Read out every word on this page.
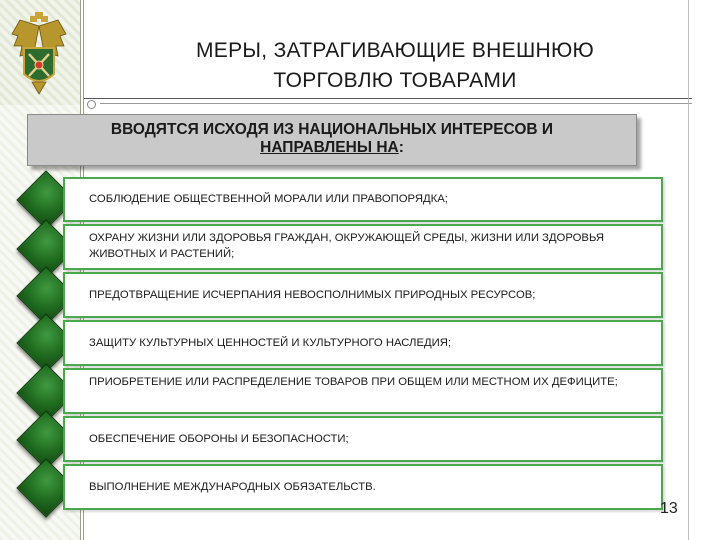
МЕРЫ, ЗАТРАГИВАЮЩИЕ ВНЕШНЮЮ
ТОРГОВЛЮ ТОВАРАМИ
ВВОДЯТСЯ ИСХОДЯ ИЗ НАЦИОНАЛЬНЫХ ИНТЕРЕСОВ И
НАПРАВЛЕНЫ НА:
СОБЛЮДЕНИЕ ОБЩЕСТВЕННОЙ МОРАЛИ ИЛИ ПРАВОПОРЯДКА;
ОХРАНУ ЖИЗНИ ИЛИ ЗДОРОВЬЯ ГРАЖДАН, ОКРУЖАЮЩЕЙ СРЕДЫ, ЖИЗНИ ИЛИ ЗДОРОВЬЯ ЖИВОТНЫХ И РАСТЕНИЙ;
ПРЕДОТВРАЩЕНИЕ ИСЧЕРПАНИЯ НЕВОСПОЛНИМЫХ ПРИРОДНЫХ РЕСУРСОВ;
ЗАЩИТУ КУЛЬТУРНЫХ ЦЕННОСТЕЙ И КУЛЬТУРНОГО НАСЛЕДИЯ;
ПРИОБРЕТЕНИЕ ИЛИ РАСПРЕДЕЛЕНИЕ ТОВАРОВ ПРИ ОБЩЕМ ИЛИ МЕСТНОМ ИХ ДЕФИЦИТЕ;
ОБЕСПЕЧЕНИЕ ОБОРОНЫ И БЕЗОПАСНОСТИ;
ВЫПОЛНЕНИЕ МЕЖДУНАРОДНЫХ ОБЯЗАТЕЛЬСТВ.
13
